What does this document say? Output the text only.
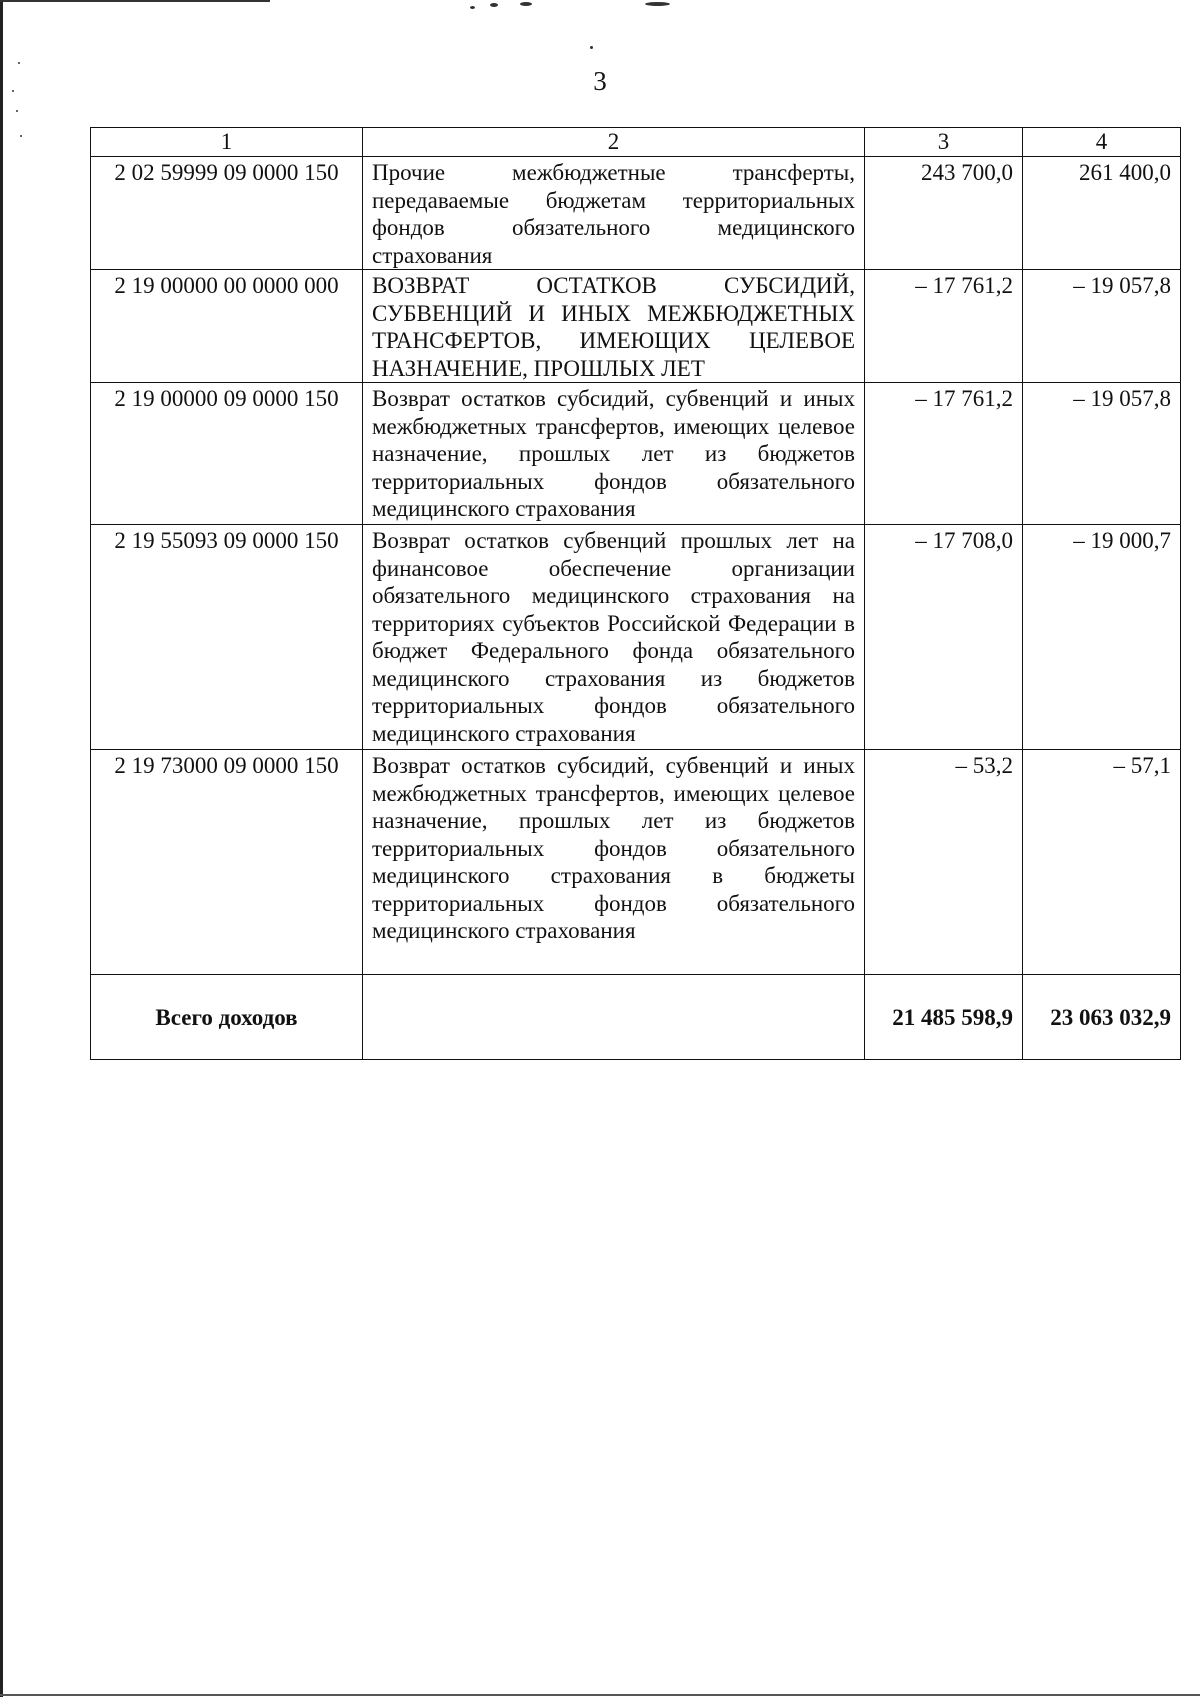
3
1	2	3	4
2 02 59999 09 0000 150	Прочие межбюджетные трансферты, передаваемые бюджетам территориальных фондов обязательного медицинского страхования	243 700,0	261 400,0
2 19 00000 00 0000 000	ВОЗВРАТ ОСТАТКОВ СУБСИДИЙ, СУБВЕНЦИЙ И ИНЫХ МЕЖБЮДЖЕТНЫХ ТРАНСФЕРТОВ, ИМЕЮЩИХ ЦЕЛЕВОЕ НАЗНАЧЕНИЕ, ПРОШЛЫХ ЛЕТ	– 17 761,2	– 19 057,8
2 19 00000 09 0000 150	Возврат остатков субсидий, субвенций и иных межбюджетных трансфертов, имеющих целевое назначение, прошлых лет из бюджетов территориальных фондов обязательного медицинского страхования	– 17 761,2	– 19 057,8
2 19 55093 09 0000 150	Возврат остатков субвенций прошлых лет на финансовое обеспечение организации обязательного медицинского страхования на территориях субъектов Российской Федерации в бюджет Федерального фонда обязательного медицинского страхования из бюджетов территориальных фондов обязательного медицинского страхования	– 17 708,0	– 19 000,7
2 19 73000 09 0000 150	Возврат остатков субсидий, субвенций и иных межбюджетных трансфертов, имеющих целевое назначение, прошлых лет из бюджетов территориальных фондов обязательного медицинского страхования в бюджеты территориальных фондов обязательного медицинского страхования	– 53,2	– 57,1
Всего доходов		21 485 598,9	23 063 032,9
